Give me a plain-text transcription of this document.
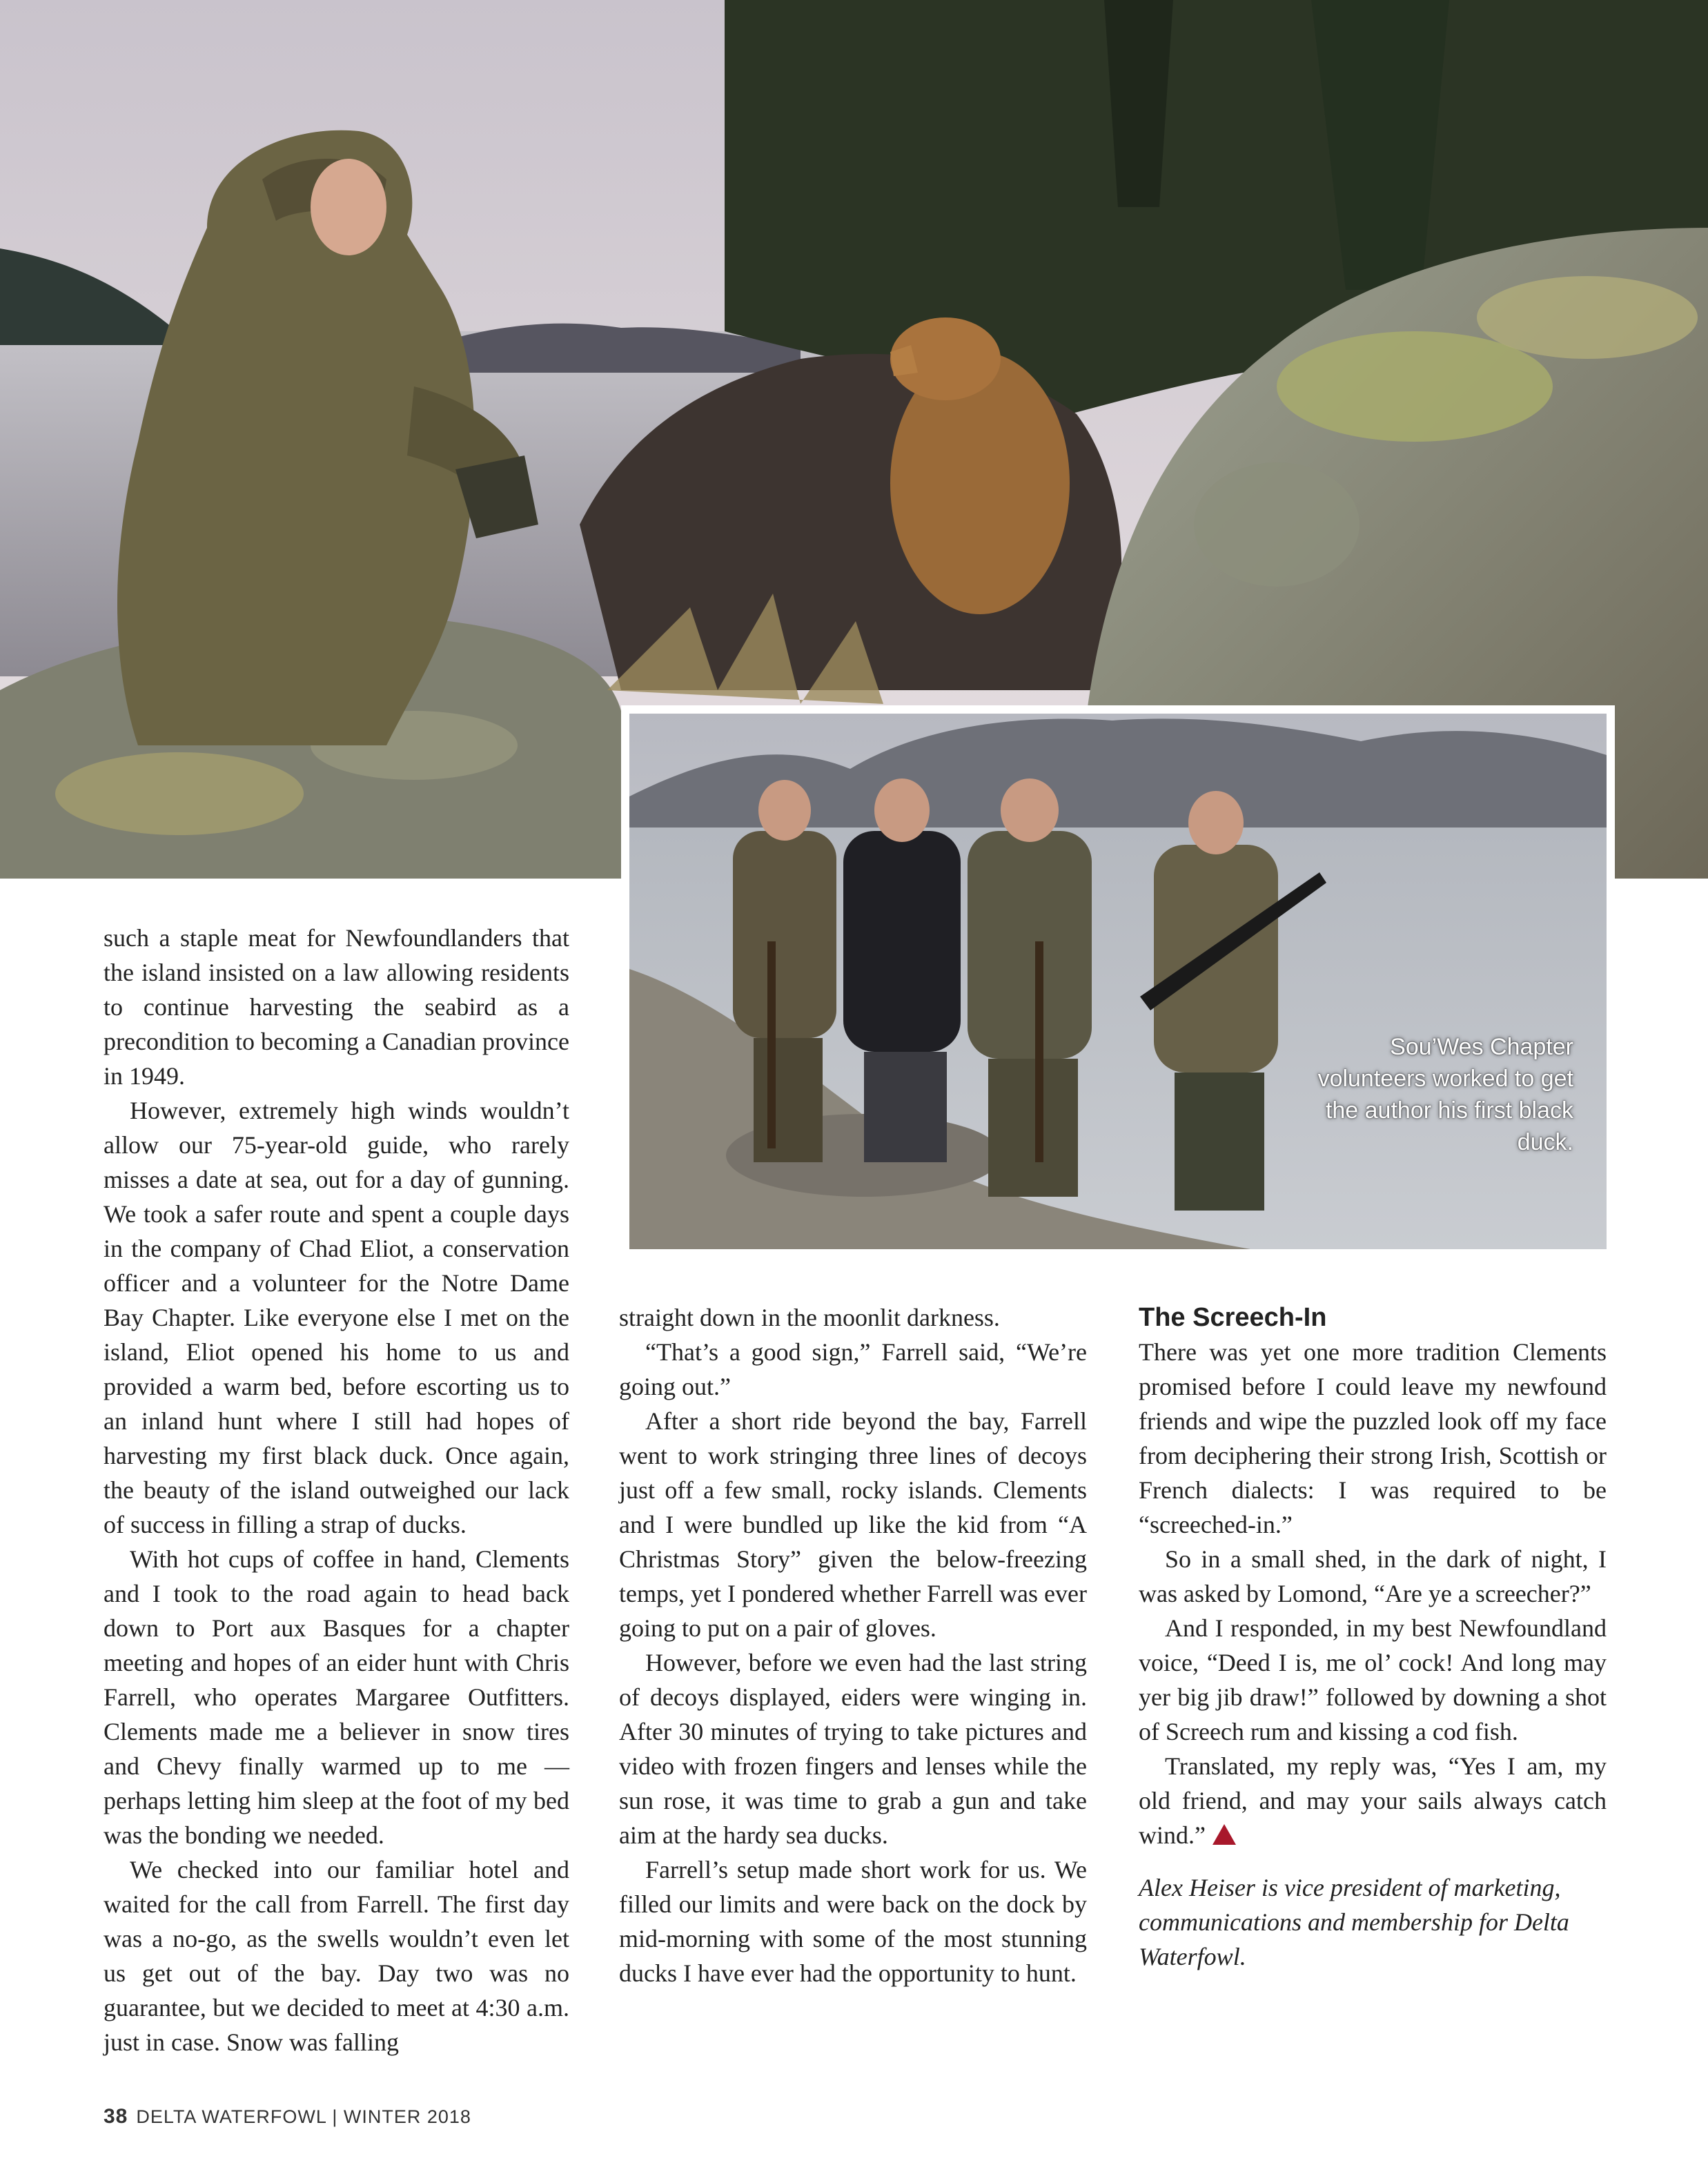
Sou’Wes Chapter volunteers worked to get the author his first black duck.

such a staple meat for Newfoundlanders that the island insisted on a law allowing residents to continue harvesting the seabird as a precondition to becoming a Canadian province in 1949.

However, extremely high winds wouldn’t allow our 75-year-old guide, who rarely misses a date at sea, out for a day of gunning. We took a safer route and spent a couple days in the company of Chad Eliot, a conservation officer and a volunteer for the Notre Dame Bay Chapter. Like everyone else I met on the island, Eliot opened his home to us and provided a warm bed, before escorting us to an inland hunt where I still had hopes of harvesting my first black duck. Once again, the beauty of the island outweighed our lack of success in filling a strap of ducks.

With hot cups of coffee in hand, Clements and I took to the road again to head back down to Port aux Basques for a chapter meeting and hopes of an eider hunt with Chris Farrell, who operates Margaree Outfitters. Clements made me a believer in snow tires and Chevy finally warmed up to me — perhaps letting him sleep at the foot of my bed was the bonding we needed.

We checked into our familiar hotel and waited for the call from Farrell. The first day was a no-go, as the swells wouldn’t even let us get out of the bay. Day two was no guarantee, but we decided to meet at 4:30 a.m. just in case. Snow was falling

straight down in the moonlit darkness.

“That’s a good sign,” Farrell said, “We’re going out.”

After a short ride beyond the bay, Farrell went to work stringing three lines of decoys just off a few small, rocky islands. Clements and I were bundled up like the kid from “A Christmas Story” given the below-freezing temps, yet I pondered whether Farrell was ever going to put on a pair of gloves.

However, before we even had the last string of decoys displayed, eiders were winging in. After 30 minutes of trying to take pictures and video with frozen fingers and lenses while the sun rose, it was time to grab a gun and take aim at the hardy sea ducks.

Farrell’s setup made short work for us. We filled our limits and were back on the dock by mid-morning with some of the most stunning ducks I have ever had the opportunity to hunt.

The Screech-In

There was yet one more tradition Clements promised before I could leave my newfound friends and wipe the puzzled look off my face from deciphering their strong Irish, Scottish or French dialects: I was required to be “screeched-in.”

So in a small shed, in the dark of night, I was asked by Lomond, “Are ye a screecher?”

And I responded, in my best Newfoundland voice, “Deed I is, me ol’ cock! And long may yer big jib draw!” followed by downing a shot of Screech rum and kissing a cod fish.

Translated, my reply was, “Yes I am, my old friend, and may your sails always catch wind.”

Alex Heiser is vice president of marketing, communications and membership for Delta Waterfowl.

38 DELTA WATERFOWL | WINTER 2018
